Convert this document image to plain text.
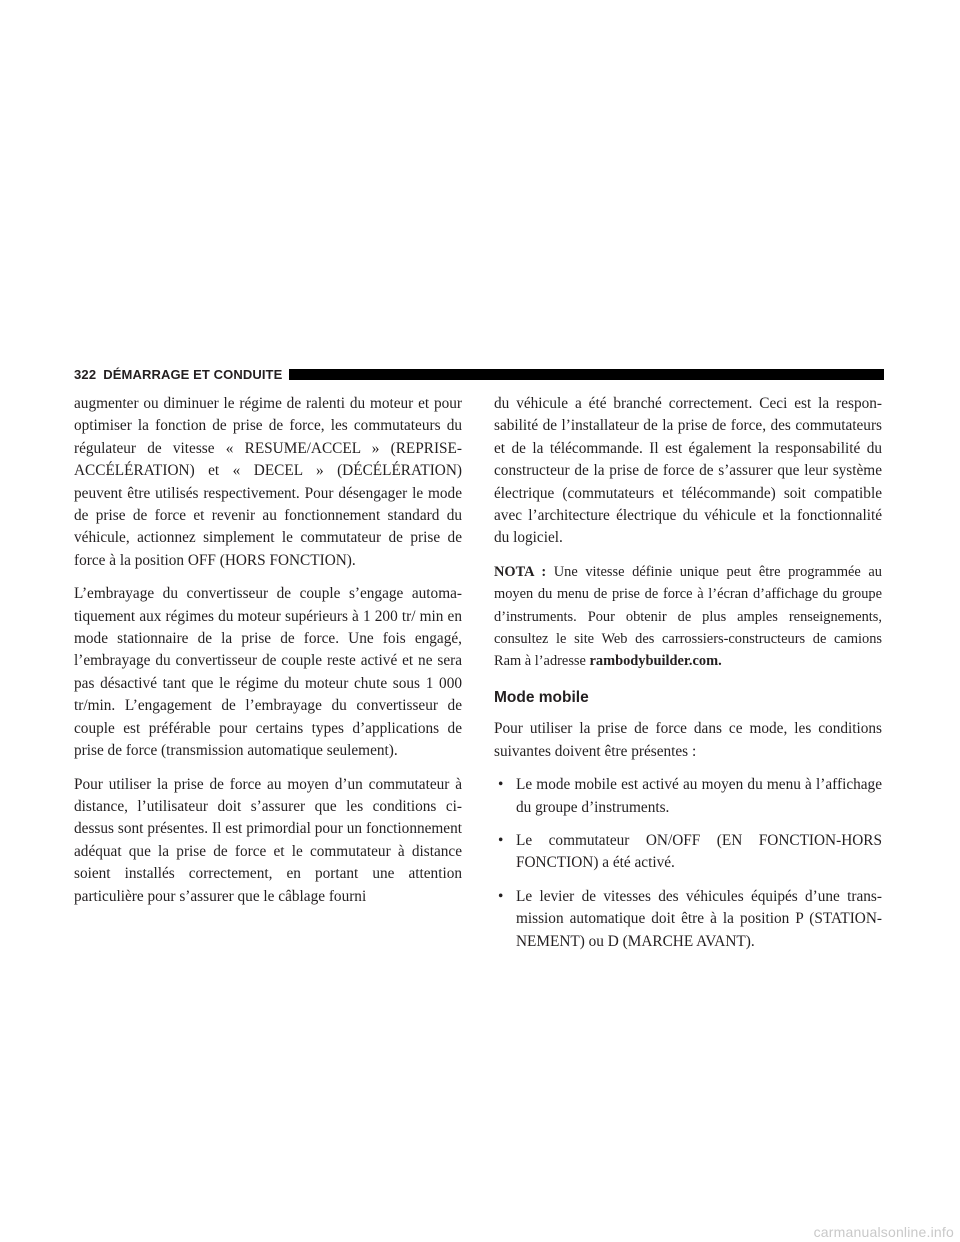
322 DÉMARRAGE ET CONDUITE

augmenter ou diminuer le régime de ralenti du moteur et pour optimiser la fonction de prise de force, les commutateurs du régulateur de vitesse « RESUME/ACCEL » (REPRISE-ACCÉLÉRATION) et « DECEL » (DÉCÉLÉRATION) peuvent être utilisés respectivement. Pour désengager le mode de prise de force et revenir au fonctionnement standard du véhicule, actionnez simplement le commutateur de prise de force à la position OFF (HORS FONCTION).

L’embrayage du convertisseur de couple s’engage automatiquement aux régimes du moteur supérieurs à 1 200 tr/ min en mode stationnaire de la prise de force. Une fois engagé, l’embrayage du convertisseur de couple reste activé et ne sera pas désactivé tant que le régime du moteur chute sous 1 000 tr/min. L’engagement de l’embrayage du convertisseur de couple est préférable pour certains types d’applications de prise de force (transmission automatique seulement).

Pour utiliser la prise de force au moyen d’un commutateur à distance, l’utilisateur doit s’assurer que les conditions ci-dessus sont présentes. Il est primordial pour un fonctionnement adéquat que la prise de force et le commutateur à distance soient installés correctement, en portant une attention particulière pour s’assurer que le câblage fourni

du véhicule a été branché correctement. Ceci est la responsabilité de l’installateur de la prise de force, des commutateurs et de la télécommande. Il est également la responsabilité du constructeur de la prise de force de s’assurer que leur système électrique (commutateurs et télécommande) soit compatible avec l’architecture électrique du véhicule et la fonctionnalité du logiciel.

NOTA : Une vitesse définie unique peut être programmée au moyen du menu de prise de force à l’écran d’affichage du groupe d’instruments. Pour obtenir de plus amples renseignements, consultez le site Web des carrossiers-constructeurs de camions Ram à l’adresse rambodybuilder.com.

Mode mobile

Pour utiliser la prise de force dans ce mode, les conditions suivantes doivent être présentes :

• Le mode mobile est activé au moyen du menu à l’affichage du groupe d’instruments.
• Le commutateur ON/OFF (EN FONCTION-HORS FONCTION) a été activé.
• Le levier de vitesses des véhicules équipés d’une transmission automatique doit être à la position P (STATIONNEMENT) ou D (MARCHE AVANT).
carmanualsonline.info
